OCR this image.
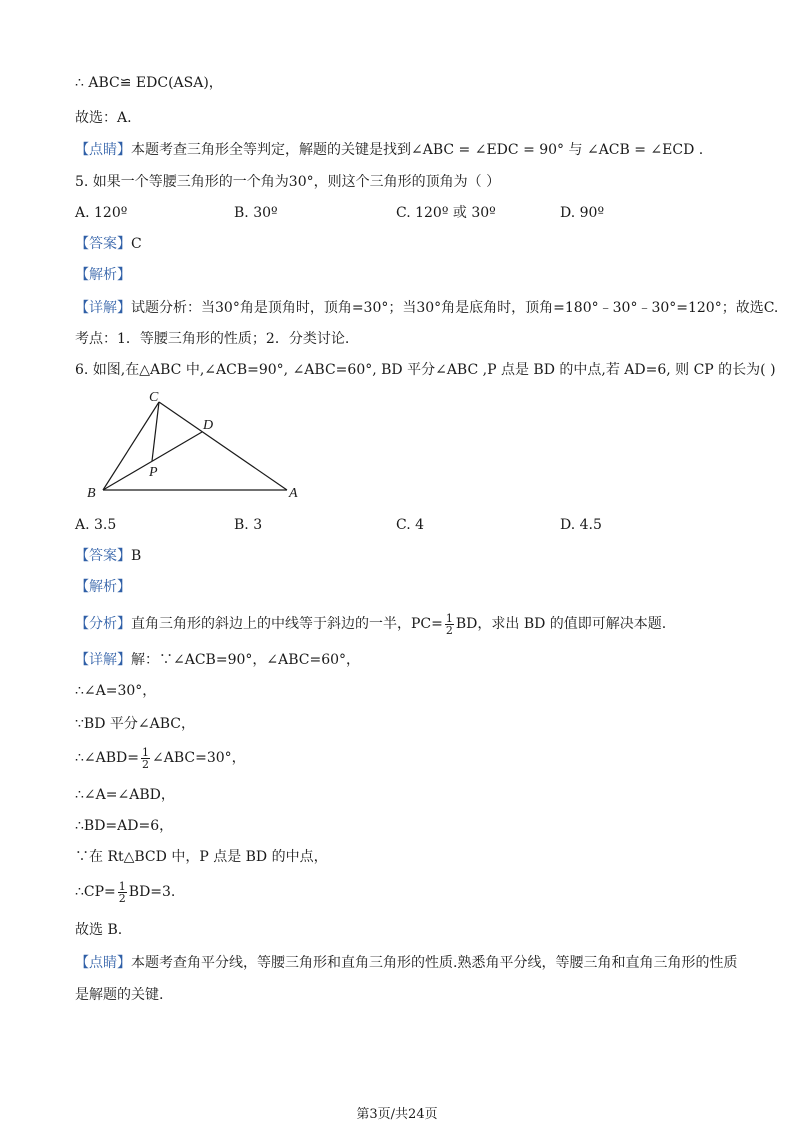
∴ ABC≌ EDC(ASA)，
故选：A.
【点睛】本题考查三角形全等判定，解题的关键是找到∠ABC = ∠EDC = 90° 与 ∠ACB = ∠ECD .
5. 如果一个等腰三角形的一个角为30°，则这个三角形的顶角为（ ）
A. 120º	B. 30º	C. 120º 或 30º	D. 90º
【答案】C
【解析】
【详解】试题分析：当30°角是顶角时，顶角=30°；当30°角是底角时，顶角=180°﹣30°﹣30°=120°；故选C.
考点：1．等腰三角形的性质；2．分类讨论.
6. 如图,在△ABC 中,∠ACB=90°, ∠ABC=60°, BD 平分∠ABC ,P 点是 BD 的中点,若 AD=6, 则 CP 的长为( )
C
D
P
B	A
A. 3.5	B. 3	C. 4	D. 4.5
【答案】B
【解析】
【分析】直角三角形的斜边上的中线等于斜边的一半，$PC= \frac{1}{2}$ BD，求出 BD 的值即可解决本题.
【详解】解：∵∠ACB=90°，∠ABC=60°，
∴∠A=30°，
∵BD 平分∠ABC，
∴∠ABD= $\frac{1}{2}$ ∠ABC=30°，
∴∠A=∠ABD，
∴BD=AD=6，
∵在 Rt△BCD 中，P 点是 BD 的中点，
∴CP= $\frac{1}{2} BD=3$.
故选 B.
【点睛】本题考查角平分线，等腰三角形和直角三角形的性质.熟悉角平分线，等腰三角和直角三角形的性质
是解题的关键.
第3页/共24页
